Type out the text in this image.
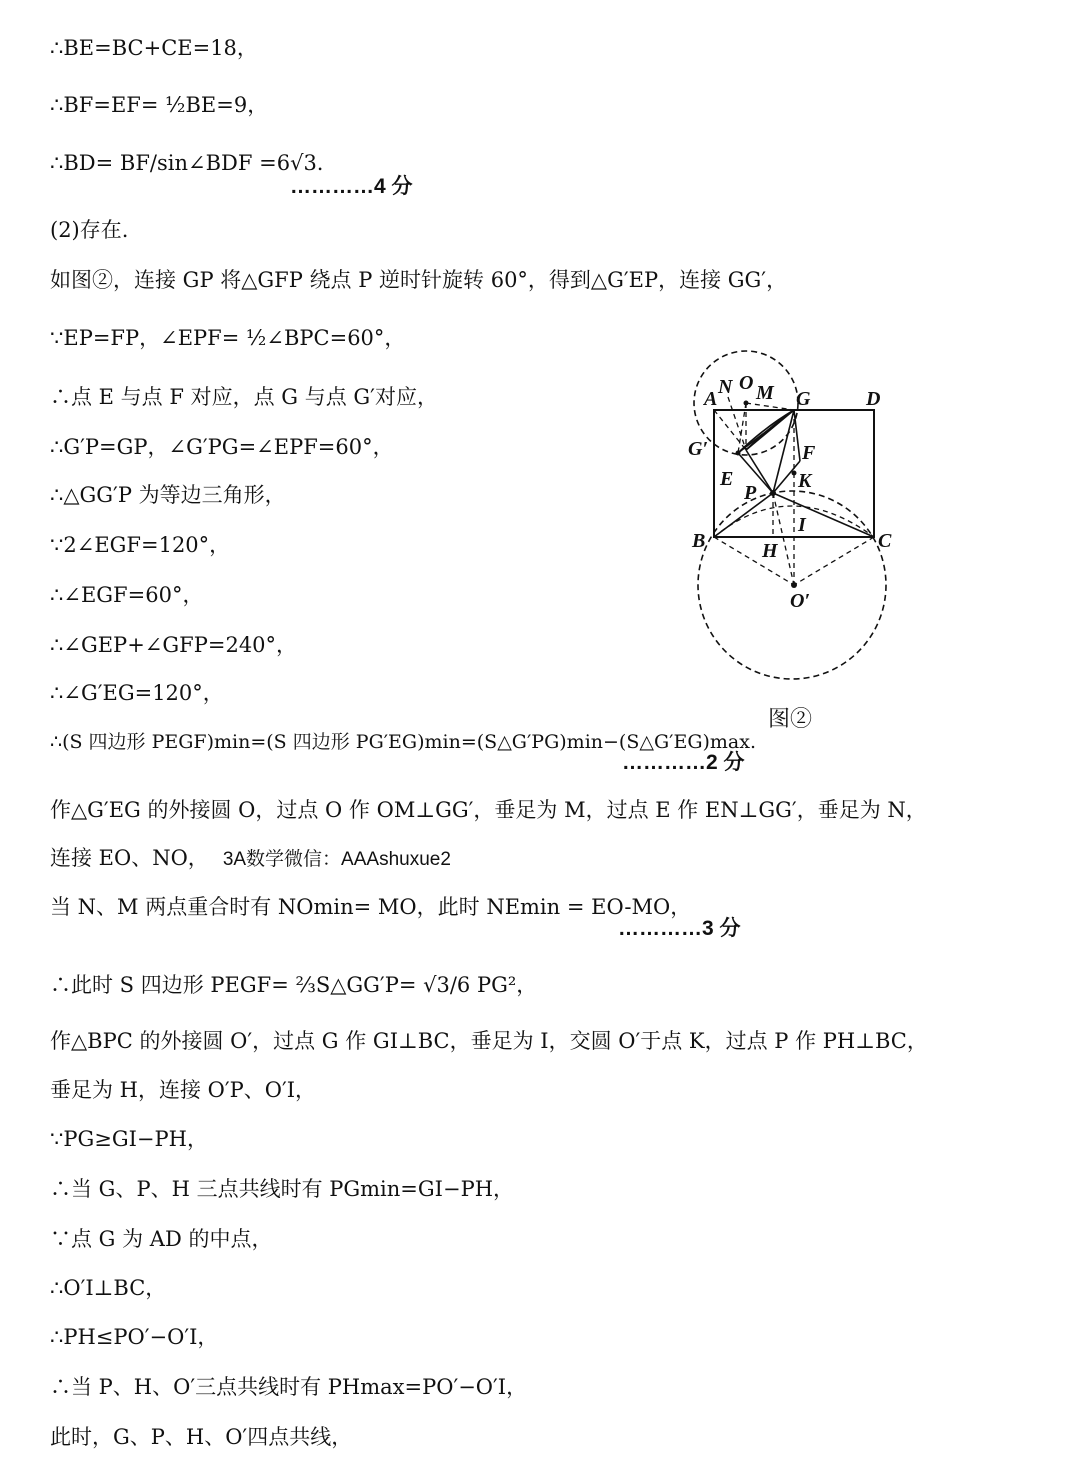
∴BE=BC+CE=18，
∴BF=EF= ½BE=9，
∴BD= BF/sin∠BDF =6√3.
…………4 分
(2)存在.
如图②，连接 GP 将△GFP 绕点 P 逆时针旋转 60°，得到△G′EP，连接 GG′，
∵EP=FP，∠EPF= ½∠BPC=60°，
∴点 E 与点 F 对应，点 G 与点 G′对应，
∴G′P=GP，∠G′PG=∠EPF=60°，
∴△GG′P 为等边三角形，
∵2∠EGF=120°，
∴∠EGF=60°，
∴∠GEP+∠GFP=240°，
∴∠G′EG=120°，
∴(S 四边形 PEGF)min=(S 四边形 PG′EG)min=(S△G′PG)min−(S△G′EG)max.
…………2 分
作△G′EG 的外接圆 O，过点 O 作 OM⊥GG′，垂足为 M，过点 E 作 EN⊥GG′，垂足为 N，
连接 EO、NO， 3A数学微信：AAAshuxue2
当 N、M 两点重合时有 NOmin= MO，此时 NEmin = EO-MO，
…………3 分
∴此时 S 四边形 PEGF= ⅔S△GG′P= √3/6 PG²，
作△BPC 的外接圆 O′，过点 G 作 GI⊥BC，垂足为 I，交圆 O′于点 K，过点 P 作 PH⊥BC，
垂足为 H，连接 O′P、O′I，
∵PG≥GI−PH，
∴当 G、P、H 三点共线时有 PGmin=GI−PH，
∵点 G 为 AD 的中点，
∴O′I⊥BC，
∴PH≤PO′−O′I，
∴当 P、H、O′三点共线时有 PHmax=PO′−O′I，
此时，G、P、H、O′四点共线，
A
N O M G	D
G′	F
E	K
P
I
B	C
H
O′
图②
